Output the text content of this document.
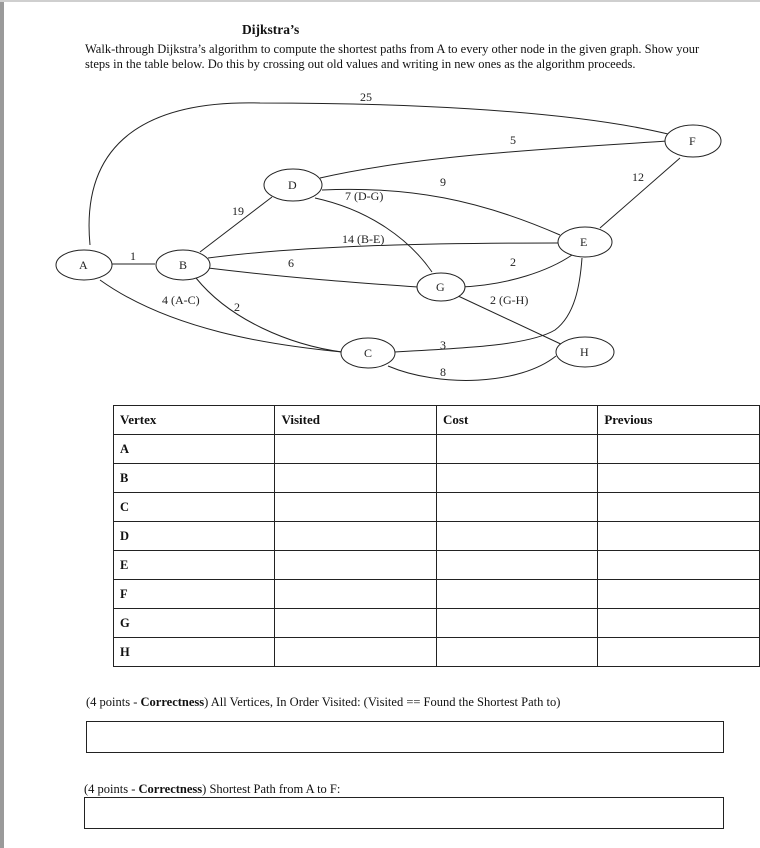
Dijkstra’s
Walk-through Dijkstra’s algorithm to compute the shortest paths from A to every other node in the given graph. Show your steps in the table below. Do this by crossing out old values and writing in new ones as the algorithm proceeds.
A	B
C
D
E
F
G
H
25
1
19
5
12
9
7 (D-G)
14 (B-E)
6
4 (A-C)	2
2
2 (G-H)
3
8
Vertex	Visited	Cost	Previous
A			
B			
C			
D			
E			
F			
G			
H			
(4 points - Correctness) All Vertices, In Order Visited: (Visited == Found the Shortest Path to)
(4 points - Correctness) Shortest Path from A to F:
